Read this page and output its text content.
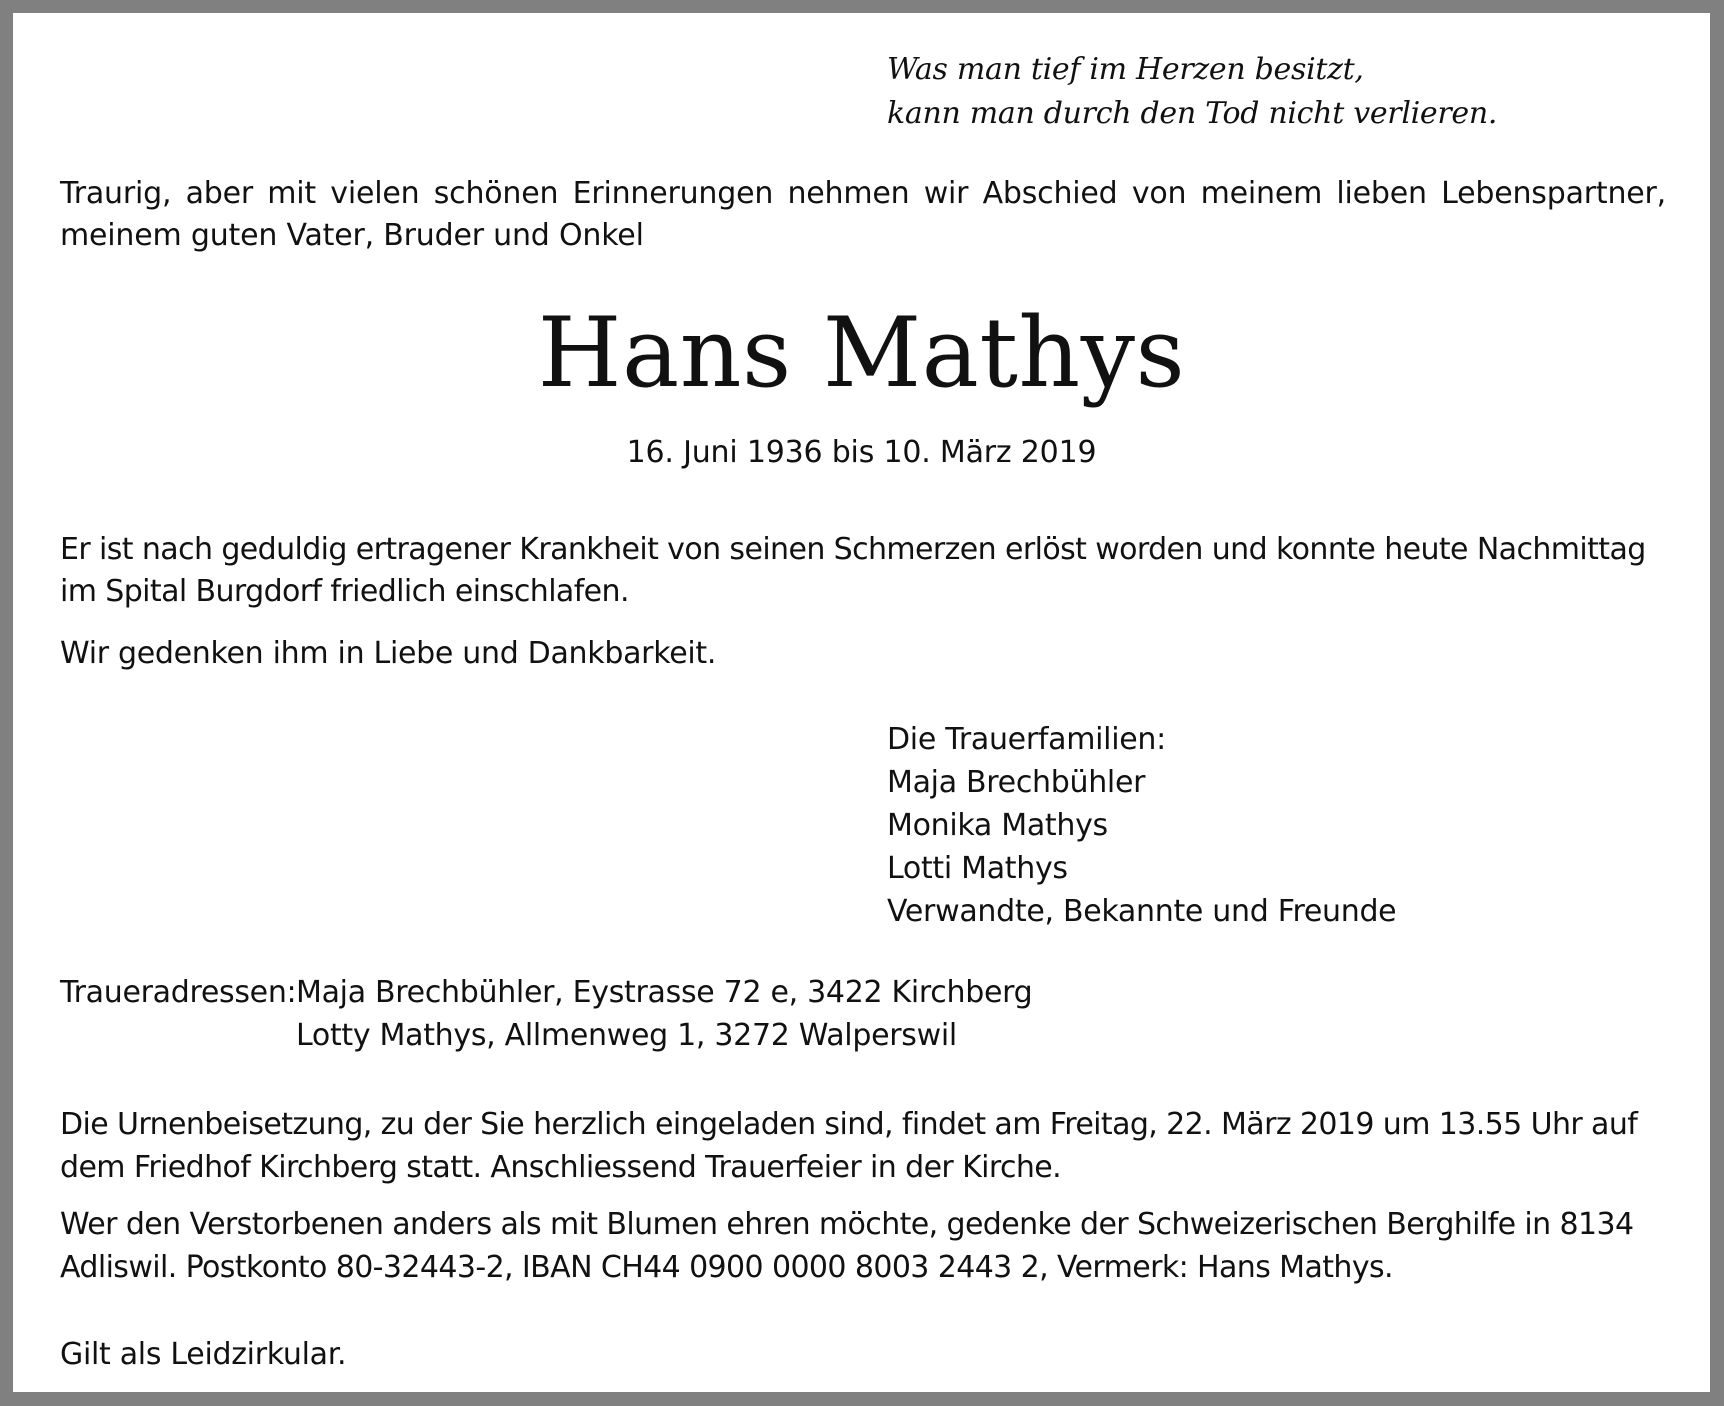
Was man tief im Herzen besitzt,
kann man durch den Tod nicht verlieren.

Traurig, aber mit vielen schönen Erinnerungen nehmen wir Abschied von meinem lieben Lebenspartner, meinem guten Vater, Bruder und Onkel

Hans Mathys
16. Juni 1936 bis 10. März 2019
Er ist nach geduldig ertragener Krankheit von seinen Schmerzen erlöst worden und konnte heute Nachmittag
im Spital Burgdorf friedlich einschlafen.
Wir gedenken ihm in Liebe und Dankbarkeit.
Die Trauerfamilien:
Maja Brechbühler
Monika Mathys
Lotti Mathys
Verwandte, Bekannte und Freunde
Traueradressen: Maja Brechbühler, Eystrasse 72 e, 3422 Kirchberg
Lotty Mathys, Allmenweg 1, 3272 Walperswil
Die Urnenbeisetzung, zu der Sie herzlich eingeladen sind, findet am Freitag, 22. März 2019 um 13.55 Uhr auf
dem Friedhof Kirchberg statt. Anschliessend Trauerfeier in der Kirche.
Wer den Verstorbenen anders als mit Blumen ehren möchte, gedenke der Schweizerischen Berghilfe in 8134
Adliswil. Postkonto 80-32443-2, IBAN CH44 0900 0000 8003 2443 2, Vermerk: Hans Mathys.
Gilt als Leidzirkular.
